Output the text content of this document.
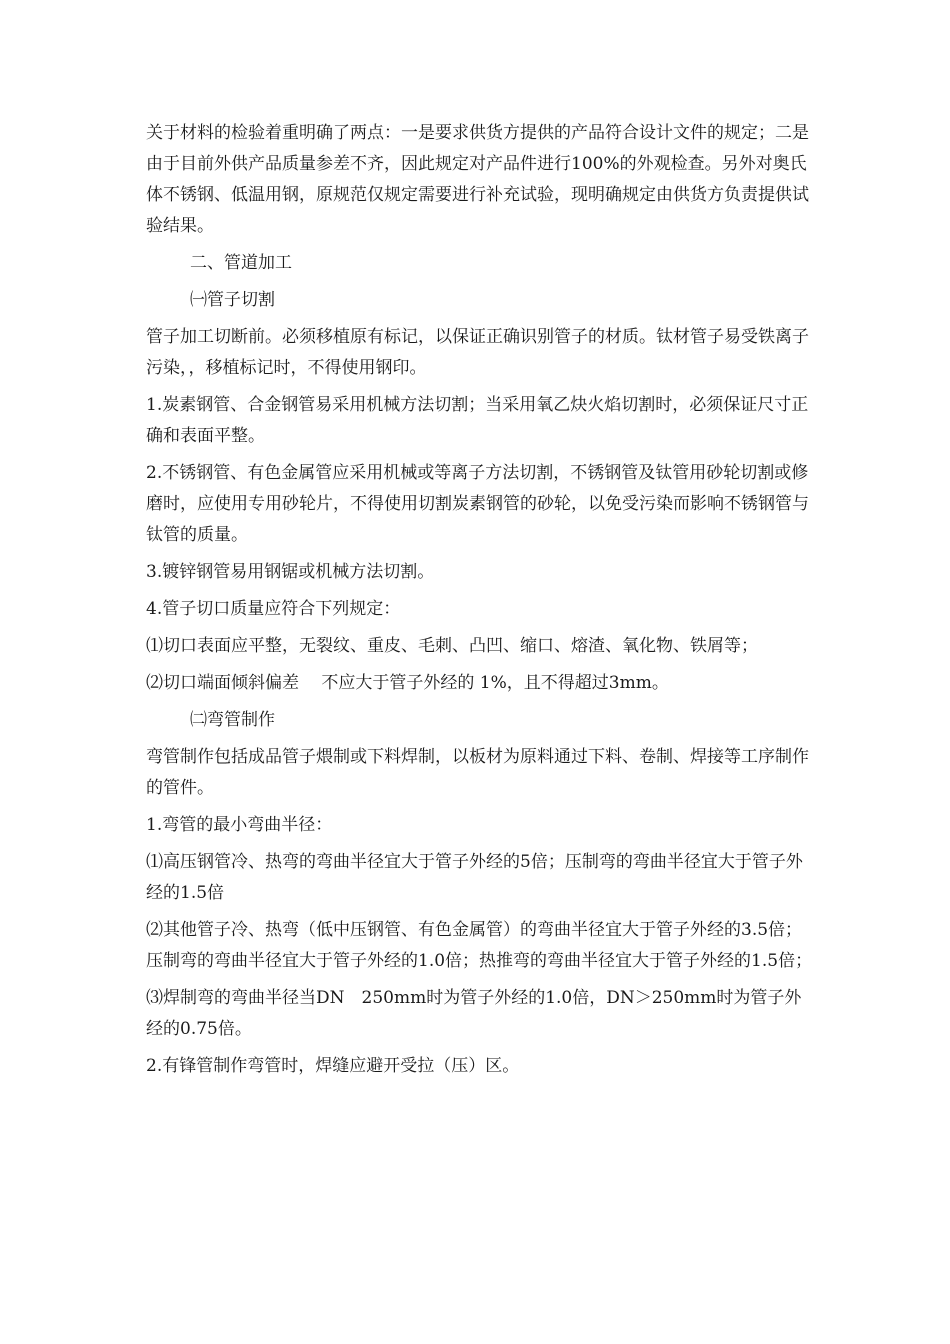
关于材料的检验着重明确了两点：一是要求供货方提供的产品符合设计文件的规定；二是由于目前外供产品质量参差不齐，因此规定对产品件进行100%的外观检查。另外对奥氏体不锈钢、低温用钢，原规范仅规定需要进行补充试验，现明确规定由供货方负责提供试验结果。

二、管道加工

㈠管子切割

管子加工切断前。必须移植原有标记，以保证正确识别管子的材质。钛材管子易受铁离子污染，，移植标记时，不得使用钢印。

1.炭素钢管、合金钢管易采用机械方法切割；当采用氧乙炔火焰切割时，必须保证尺寸正确和表面平整。

2.不锈钢管、有色金属管应采用机械或等离子方法切割，不锈钢管及钛管用砂轮切割或修磨时，应使用专用砂轮片，不得使用切割炭素钢管的砂轮，以免受污染而影响不锈钢管与钛管的质量。

3.镀锌钢管易用钢锯或机械方法切割。

4.管子切口质量应符合下列规定：

⑴切口表面应平整，无裂纹、重皮、毛刺、凸凹、缩口、熔渣、氧化物、铁屑等；

⑵切口端面倾斜偏差　 不应大于管子外经的 1%，且不得超过3mm。

㈡弯管制作

弯管制作包括成品管子煨制或下料焊制，以板材为原料通过下料、卷制、焊接等工序制作的管件。

1.弯管的最小弯曲半径：

⑴高压钢管冷、热弯的弯曲半径宜大于管子外经的5倍；压制弯的弯曲半径宜大于管子外经的1.5倍

⑵其他管子冷、热弯（低中压钢管、有色金属管）的弯曲半径宜大于管子外经的3.5倍；压制弯的弯曲半径宜大于管子外经的1.0倍；热推弯的弯曲半径宜大于管子外经的1.5倍；

⑶焊制弯的弯曲半径当DN　250mm时为管子外经的1.0倍，DN＞250mm时为管子外经的0.75倍。

2.有锋管制作弯管时，焊缝应避开受拉（压）区。
